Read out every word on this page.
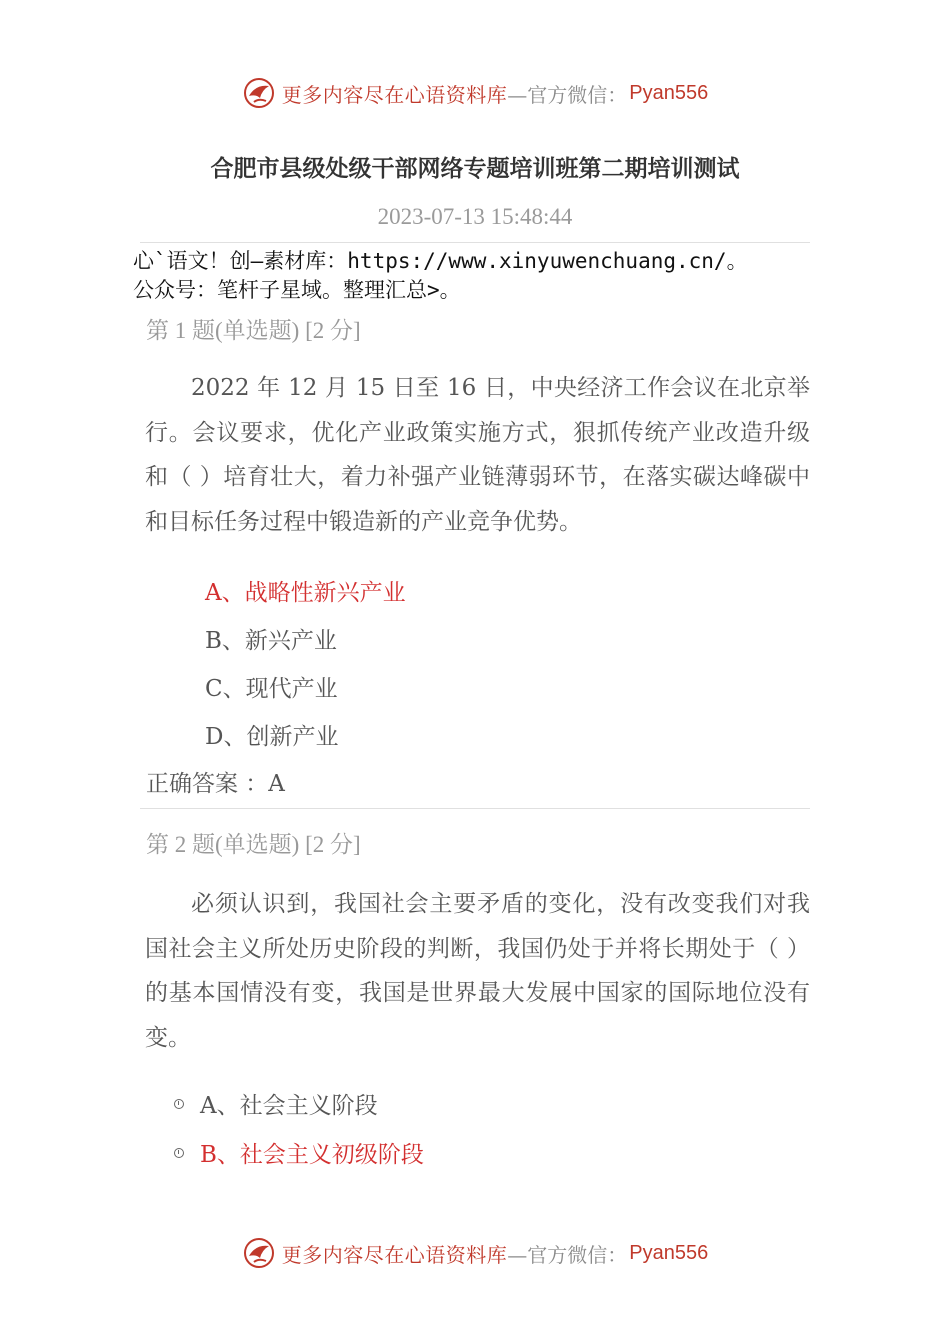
更多内容尽在心语资料库 —官方微信： Pyan556
合肥市县级处级干部网络专题培训班第二期培训测试
2023-07-13 15:48:44
心`语文！创—素材库：https://www.xinyuwenchuang.cn/。
公众号：笔杆子星域。整理汇总>。
第 1 题(单选题) [2 分]
2022 年 12 月 15 日至 16 日，中央经济工作会议在北京举行。会议要求，优化产业政策实施方式，狠抓传统产业改造升级和（ ）培育壮大，着力补强产业链薄弱环节，在落实碳达峰碳中和目标任务过程中锻造新的产业竞争优势。
A、战略性新兴产业
B、新兴产业
C、现代产业
D、创新产业
正确答案 ：A
第 2 题(单选题) [2 分]
必须认识到，我国社会主要矛盾的变化，没有改变我们对我国社会主义所处历史阶段的判断，我国仍处于并将长期处于（ ）的基本国情没有变，我国是世界最大发展中国家的国际地位没有变。
A、社会主义阶段
B、社会主义初级阶段
更多内容尽在心语资料库 —官方微信： Pyan556
